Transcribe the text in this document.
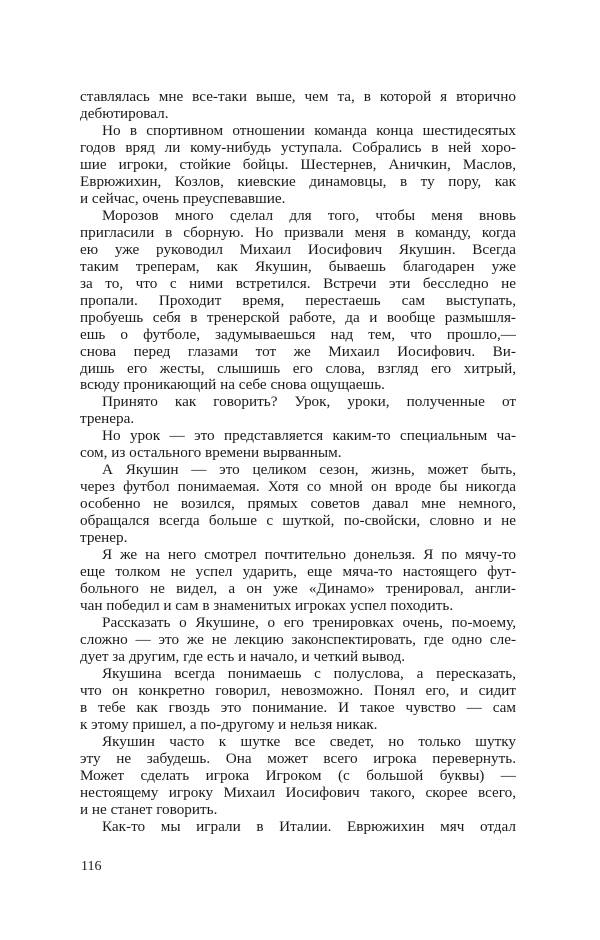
ставлялась мне все-таки выше, чем та, в которой я вторично
дебютировал.
Но в спортивном отношении команда конца шестидесятых
годов вряд ли кому-нибудь уступала. Собрались в ней хоро-
шие игроки, стойкие бойцы. Шестернев, Аничкин, Маслов,
Еврюжихин, Козлов, киевские динамовцы, в ту пору, как
и сейчас, очень преуспевавшие.
Морозов много сделал для того, чтобы меня вновь
пригласили в сборную. Но призвали меня в команду, когда
ею уже руководил Михаил Иосифович Якушин. Всегда
таким треперам, как Якушин, бываешь благодарен уже
за то, что с ними встретился. Встречи эти бесследно не
пропали. Проходит время, перестаешь сам выступать,
пробуешь себя в тренерской работе, да и вообще размышля-
ешь о футболе, задумываешься над тем, что прошло,—
снова перед глазами тот же Михаил Иосифович. Ви-
дишь его жесты, слышишь его слова, взгляд его хитрый,
всюду проникающий на себе снова ощущаешь.
Принято как говорить? Урок, уроки, полученные от
тренера.
Но урок — это представляется каким-то специальным ча-
сом, из остального времени вырванным.
А Якушин — это целиком сезон, жизнь, может быть,
через футбол понимаемая. Хотя со мной он вроде бы никогда
особенно не возился, прямых советов давал мне немного,
обращался всегда больше с шуткой, по-свойски, словно и не
тренер.
Я же на него смотрел почтительно донельзя. Я по мячу-то
еще толком не успел ударить, еще мяча-то настоящего фут-
больного не видел, а он уже «Динамо» тренировал, англи-
чан победил и сам в знаменитых игроках успел походить.
Рассказать о Якушине, о его тренировках очень, по-моему,
сложно — это же не лекцию законспектировать, где одно сле-
дует за другим, где есть и начало, и четкий вывод.
Якушина всегда понимаешь с полуслова, а пересказать,
что он конкретно говорил, невозможно. Понял его, и сидит
в тебе как гвоздь это понимание. И такое чувство — сам
к этому пришел, а по-другому и нельзя никак.
Якушин часто к шутке все сведет, но только шутку
эту не забудешь. Она может всего игрока перевернуть.
Может сделать игрока Игроком (с большой буквы) —
нестоящему игроку Михаил Иосифович такого, скорее всего,
и не станет говорить.
Как-то мы играли в Италии. Еврюжихин мяч отдал
116
